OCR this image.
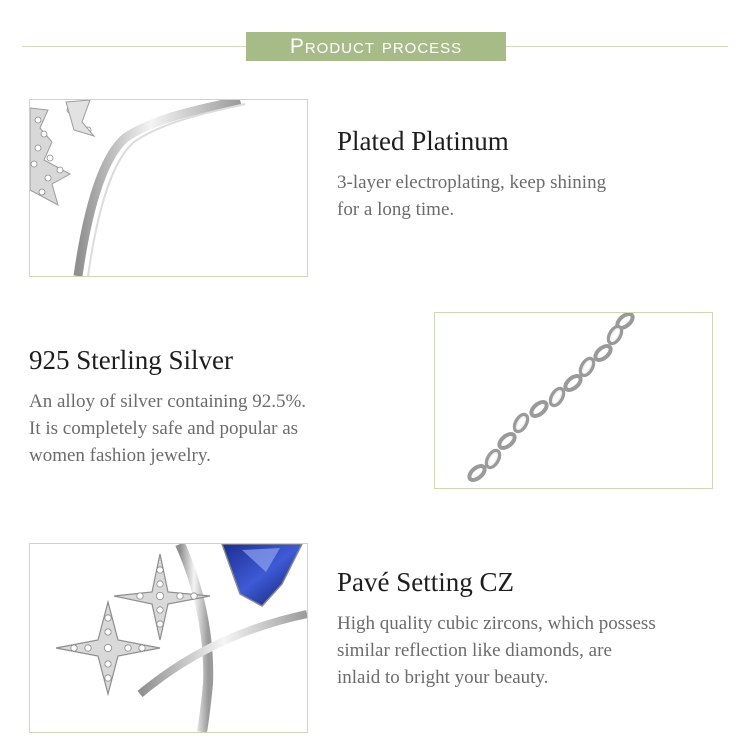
Product process
Plated Platinum
3-layer electroplating, keep shining
for a long time.
925 Sterling Silver
An alloy of silver containing 92.5%.
It is completely safe and popular as
women fashion jewelry.
Pavé Setting CZ
High quality cubic zircons, which possess
similar reflection like diamonds, are
inlaid to bright your beauty.
